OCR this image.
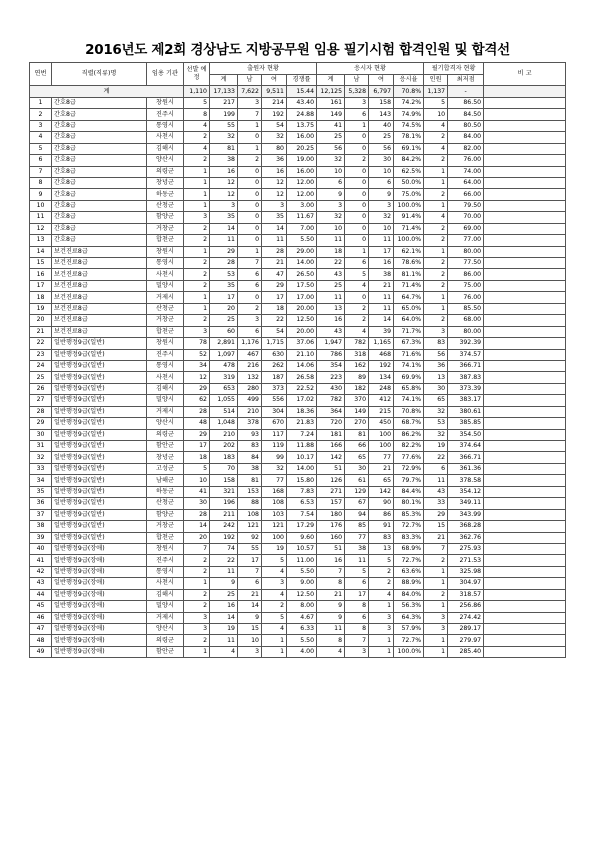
2016년도 제2회 경상남도 지방공무원 임용 필기시험 합격인원 및 합격선
연번	직렬(직류)명	임용 기관	선발 예정	출원자 현황				응시자 현황				필기합격자 현황		비 고
				계	남	여	경쟁률	계	남	여	응시율	인원	최저점	
계			1,110	17,133	7,622	9,511	15.44	12,125	5,328	6,797	70.8%	1,137	-	
1	간호8급	창원시	5	217	3	214	43.40	161	3	158	74.2%	5	86.50	
2	간호8급	진주시	8	199	7	192	24.88	149	6	143	74.9%	10	84.50	
3	간호8급	통영시	4	55	1	54	13.75	41	1	40	74.5%	4	80.50	
4	간호8급	사천시	2	32	0	32	16.00	25	0	25	78.1%	2	84.00	
5	간호8급	김해시	4	81	1	80	20.25	56	0	56	69.1%	4	82.00	
6	간호8급	양산시	2	38	2	36	19.00	32	2	30	84.2%	2	76.00	
7	간호8급	의령군	1	16	0	16	16.00	10	0	10	62.5%	1	74.00	
8	간호8급	창녕군	1	12	0	12	12.00	6	0	6	50.0%	1	64.00	
9	간호8급	하동군	1	12	0	12	12.00	9	0	9	75.0%	2	66.00	
10	간호8급	산청군	1	3	0	3	3.00	3	0	3	100.0%	1	79.50	
11	간호8급	함양군	3	35	0	35	11.67	32	0	32	91.4%	4	70.00	
12	간호8급	거창군	2	14	0	14	7.00	10	0	10	71.4%	2	69.00	
13	간호8급	합천군	2	11	0	11	5.50	11	0	11	100.0%	2	77.00	
14	보건진료8급	창원시	1	29	1	28	29.00	18	1	17	62.1%	1	80.00	
15	보건진료8급	통영시	2	28	7	21	14.00	22	6	16	78.6%	2	77.50	
16	보건진료8급	사천시	2	53	6	47	26.50	43	5	38	81.1%	2	86.00	
17	보건진료8급	밀양시	2	35	6	29	17.50	25	4	21	71.4%	2	75.00	
18	보건진료8급	거제시	1	17	0	17	17.00	11	0	11	64.7%	1	76.00	
19	보건진료8급	산청군	1	20	2	18	20.00	13	2	11	65.0%	1	85.50	
20	보건진료8급	거창군	2	25	3	22	12.50	16	2	14	64.0%	2	68.00	
21	보건진료8급	합천군	3	60	6	54	20.00	43	4	39	71.7%	3	80.00	
22	일반행정9급(일반)	창원시	78	2,891	1,176	1,715	37.06	1,947	782	1,165	67.3%	83	392.39	
23	일반행정9급(일반)	진주시	52	1,097	467	630	21.10	786	318	468	71.6%	56	374.57	
24	일반행정9급(일반)	통영시	34	478	216	262	14.06	354	162	192	74.1%	36	366.71	
25	일반행정9급(일반)	사천시	12	319	132	187	26.58	223	89	134	69.9%	13	387.83	
26	일반행정9급(일반)	김해시	29	653	280	373	22.52	430	182	248	65.8%	30	373.39	
27	일반행정9급(일반)	밀양시	62	1,055	499	556	17.02	782	370	412	74.1%	65	383.17	
28	일반행정9급(일반)	거제시	28	514	210	304	18.36	364	149	215	70.8%	32	380.61	
29	일반행정9급(일반)	양산시	48	1,048	378	670	21.83	720	270	450	68.7%	53	385.85	
30	일반행정9급(일반)	의령군	29	210	93	117	7.24	181	81	100	86.2%	32	354.50	
31	일반행정9급(일반)	함안군	17	202	83	119	11.88	166	66	100	82.2%	19	374.64	
32	일반행정9급(일반)	창녕군	18	183	84	99	10.17	142	65	77	77.6%	22	366.71	
33	일반행정9급(일반)	고성군	5	70	38	32	14.00	51	30	21	72.9%	6	361.36	
34	일반행정9급(일반)	남해군	10	158	81	77	15.80	126	61	65	79.7%	11	378.58	
35	일반행정9급(일반)	하동군	41	321	153	168	7.83	271	129	142	84.4%	43	354.12	
36	일반행정9급(일반)	산청군	30	196	88	108	6.53	157	67	90	80.1%	33	349.11	
37	일반행정9급(일반)	함양군	28	211	108	103	7.54	180	94	86	85.3%	29	343.99	
38	일반행정9급(일반)	거창군	14	242	121	121	17.29	176	85	91	72.7%	15	368.28	
39	일반행정9급(일반)	합천군	20	192	92	100	9.60	160	77	83	83.3%	21	362.76	
40	일반행정9급(장애)	창원시	7	74	55	19	10.57	51	38	13	68.9%	7	275.93	
41	일반행정9급(장애)	진주시	2	22	17	5	11.00	16	11	5	72.7%	2	271.53	
42	일반행정9급(장애)	통영시	2	11	7	4	5.50	7	5	2	63.6%	1	325.98	
43	일반행정9급(장애)	사천시	1	9	6	3	9.00	8	6	2	88.9%	1	304.97	
44	일반행정9급(장애)	김해시	2	25	21	4	12.50	21	17	4	84.0%	2	318.57	
45	일반행정9급(장애)	밀양시	2	16	14	2	8.00	9	8	1	56.3%	1	256.86	
46	일반행정9급(장애)	거제시	3	14	9	5	4.67	9	6	3	64.3%	3	274.42	
47	일반행정9급(장애)	양산시	3	19	15	4	6.33	11	8	3	57.9%	3	289.17	
48	일반행정9급(장애)	의령군	2	11	10	1	5.50	8	7	1	72.7%	1	279.97	
49	일반행정9급(장애)	함안군	1	4	3	1	4.00	4	3	1	100.0%	1	285.40	
